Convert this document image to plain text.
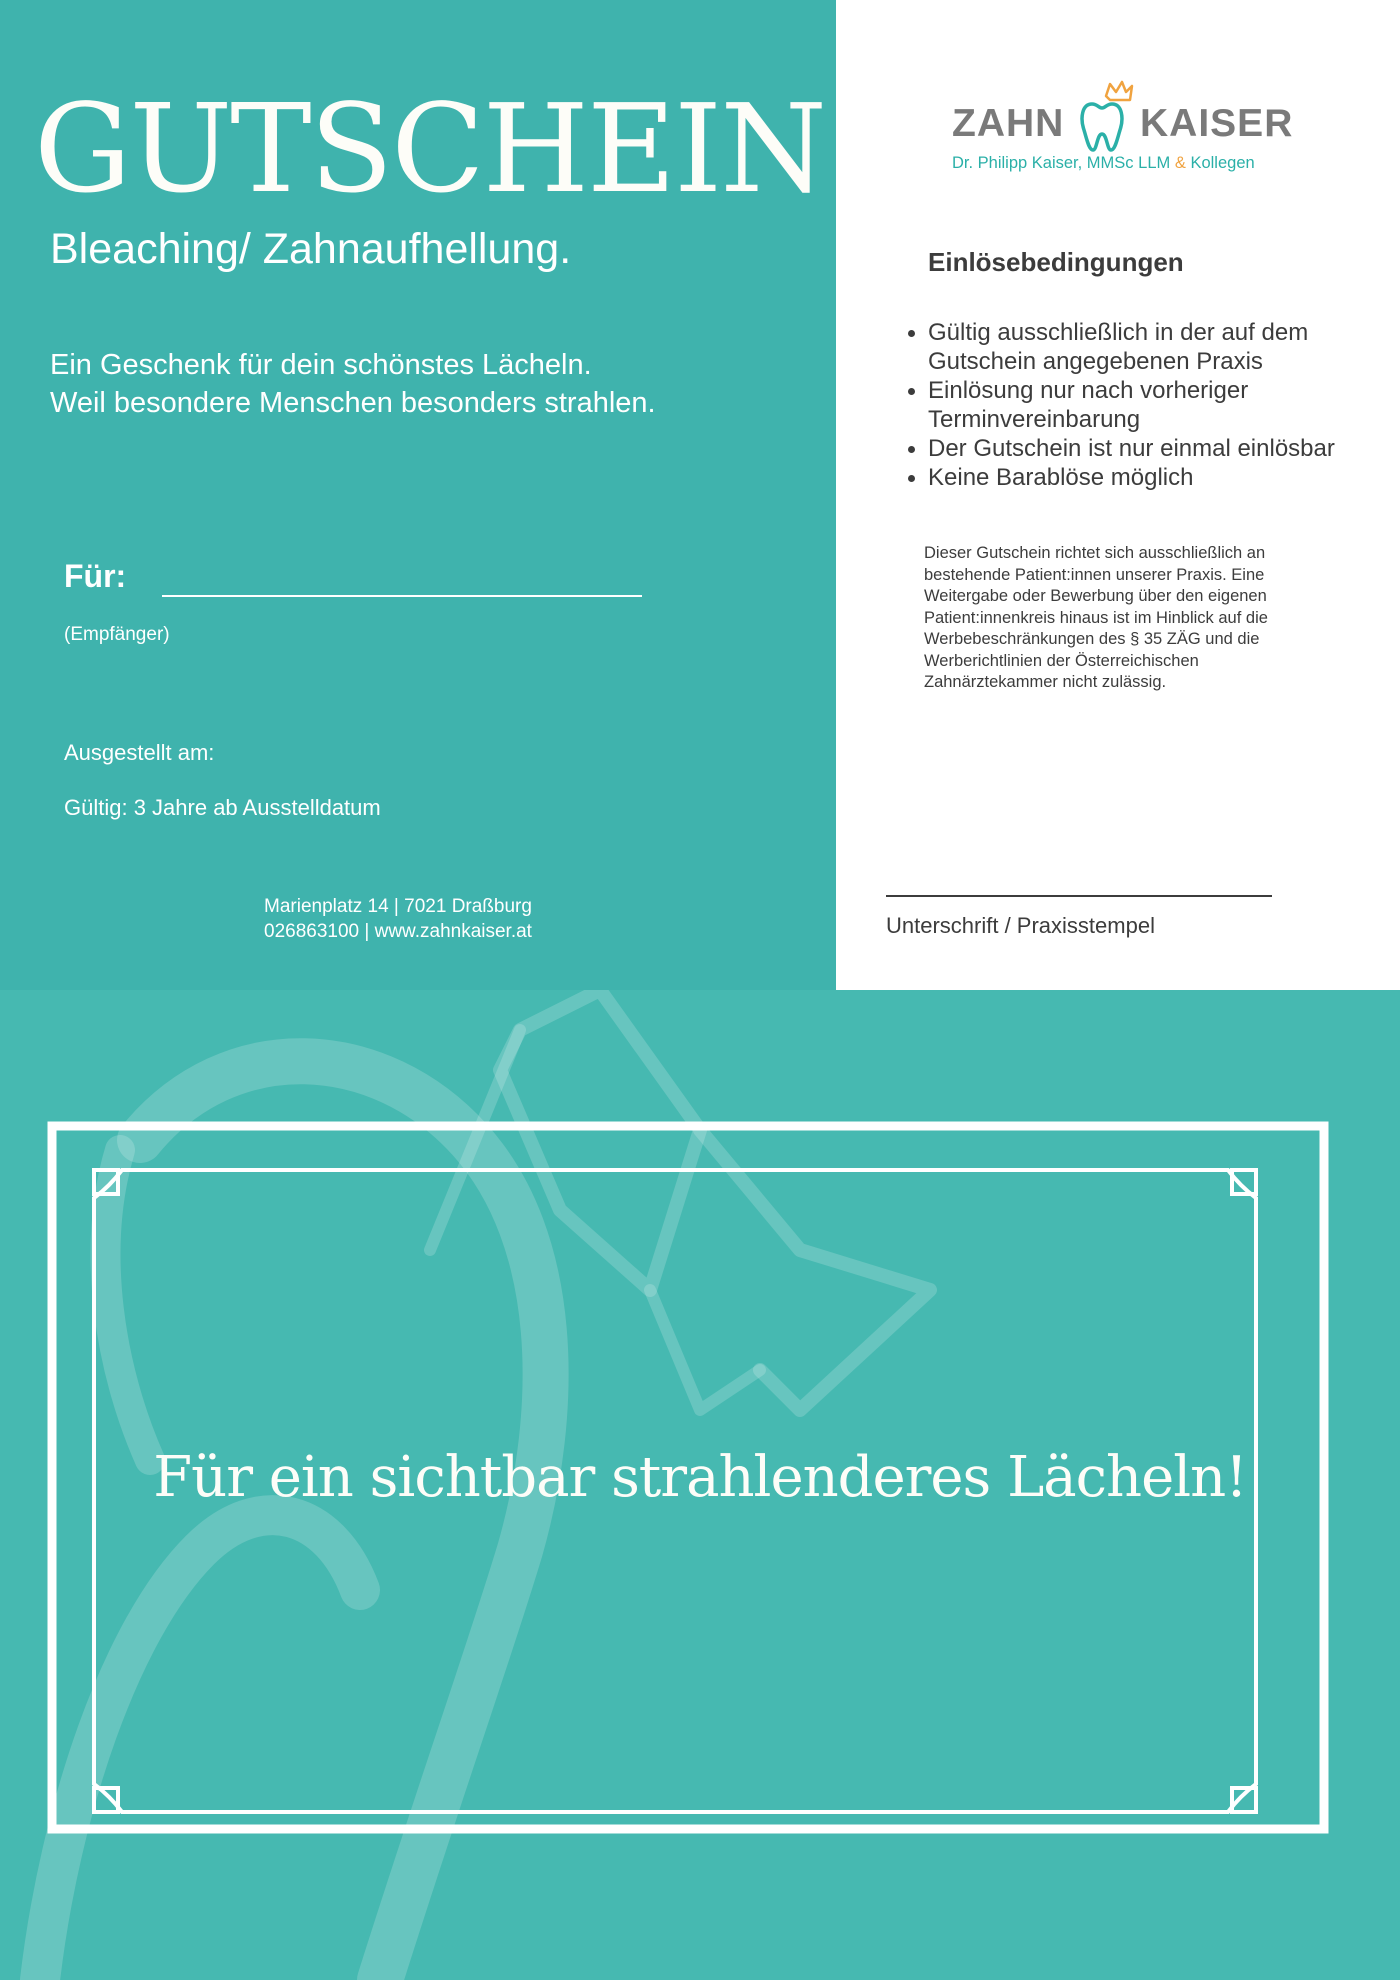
GUTSCHEIN
Bleaching/ Zahnaufhellung.
Ein Geschenk für dein schönstes Lächeln.
Weil besondere Menschen besonders strahlen.
Für:
(Empfänger)
Ausgestellt am:
Gültig: 3 Jahre ab Ausstelldatum
Marienplatz 14 | 7021 Draßburg
026863100 | www.zahnkaiser.at
ZAHN KAISER
Dr. Philipp Kaiser, MMSc LLM & Kollegen
Einlösebedingungen
Gültig ausschließlich in der auf dem Gutschein angegebenen Praxis
Einlösung nur nach vorheriger Terminvereinbarung
Der Gutschein ist nur einmal einlösbar
Keine Barablöse möglich
Dieser Gutschein richtet sich ausschließlich an bestehende Patient:innen unserer Praxis. Eine Weitergabe oder Bewerbung über den eigenen Patient:innenkreis hinaus ist im Hinblick auf die Werbebeschränkungen des § 35 ZÄG und die Werberichtlinien der Österreichischen Zahnärztekammer nicht zulässig.
Unterschrift / Praxisstempel
Für ein sichtbar strahlenderes Lächeln!
